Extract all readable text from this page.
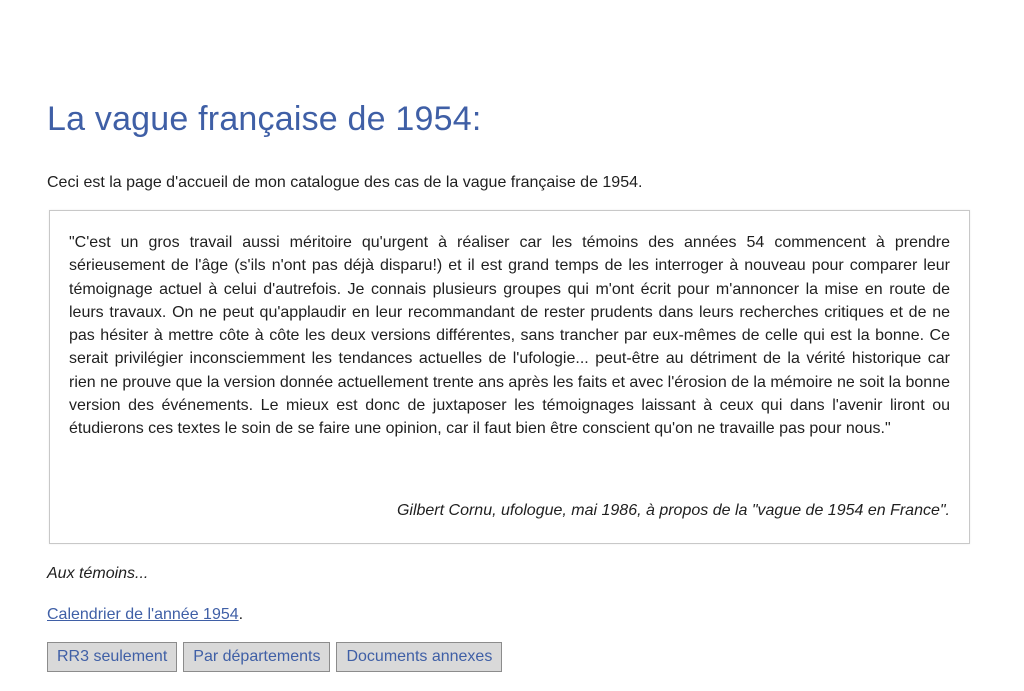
La vague française de 1954:

Ceci est la page d'accueil de mon catalogue des cas de la vague française de 1954.

"C'est un gros travail aussi méritoire qu'urgent à réaliser car les témoins des années 54 commencent à prendre sérieusement de l'âge (s'ils n'ont pas déjà disparu!) et il est grand temps de les interroger à nouveau pour comparer leur témoignage actuel à celui d'autrefois. Je connais plusieurs groupes qui m'ont écrit pour m'annoncer la mise en route de leurs travaux. On ne peut qu'applaudir en leur recommandant de rester prudents dans leurs recherches critiques et de ne pas hésiter à mettre côte à côte les deux versions différentes, sans trancher par eux-mêmes de celle qui est la bonne. Ce serait privilégier inconsciemment les tendances actuelles de l'ufologie... peut-être au détriment de la vérité historique car rien ne prouve que la version donnée actuellement trente ans après les faits et avec l'érosion de la mémoire ne soit la bonne version des événements. Le mieux est donc de juxtaposer les témoignages laissant à ceux qui dans l'avenir liront ou étudierons ces textes le soin de se faire une opinion, car il faut bien être conscient qu'on ne travaille pas pour nous."

Gilbert Cornu, ufologue, mai 1986, à propos de la "vague de 1954 en France".

Aux témoins...

Calendrier de l'année 1954.

RR3 seulement	Par départements	Documents annexes
